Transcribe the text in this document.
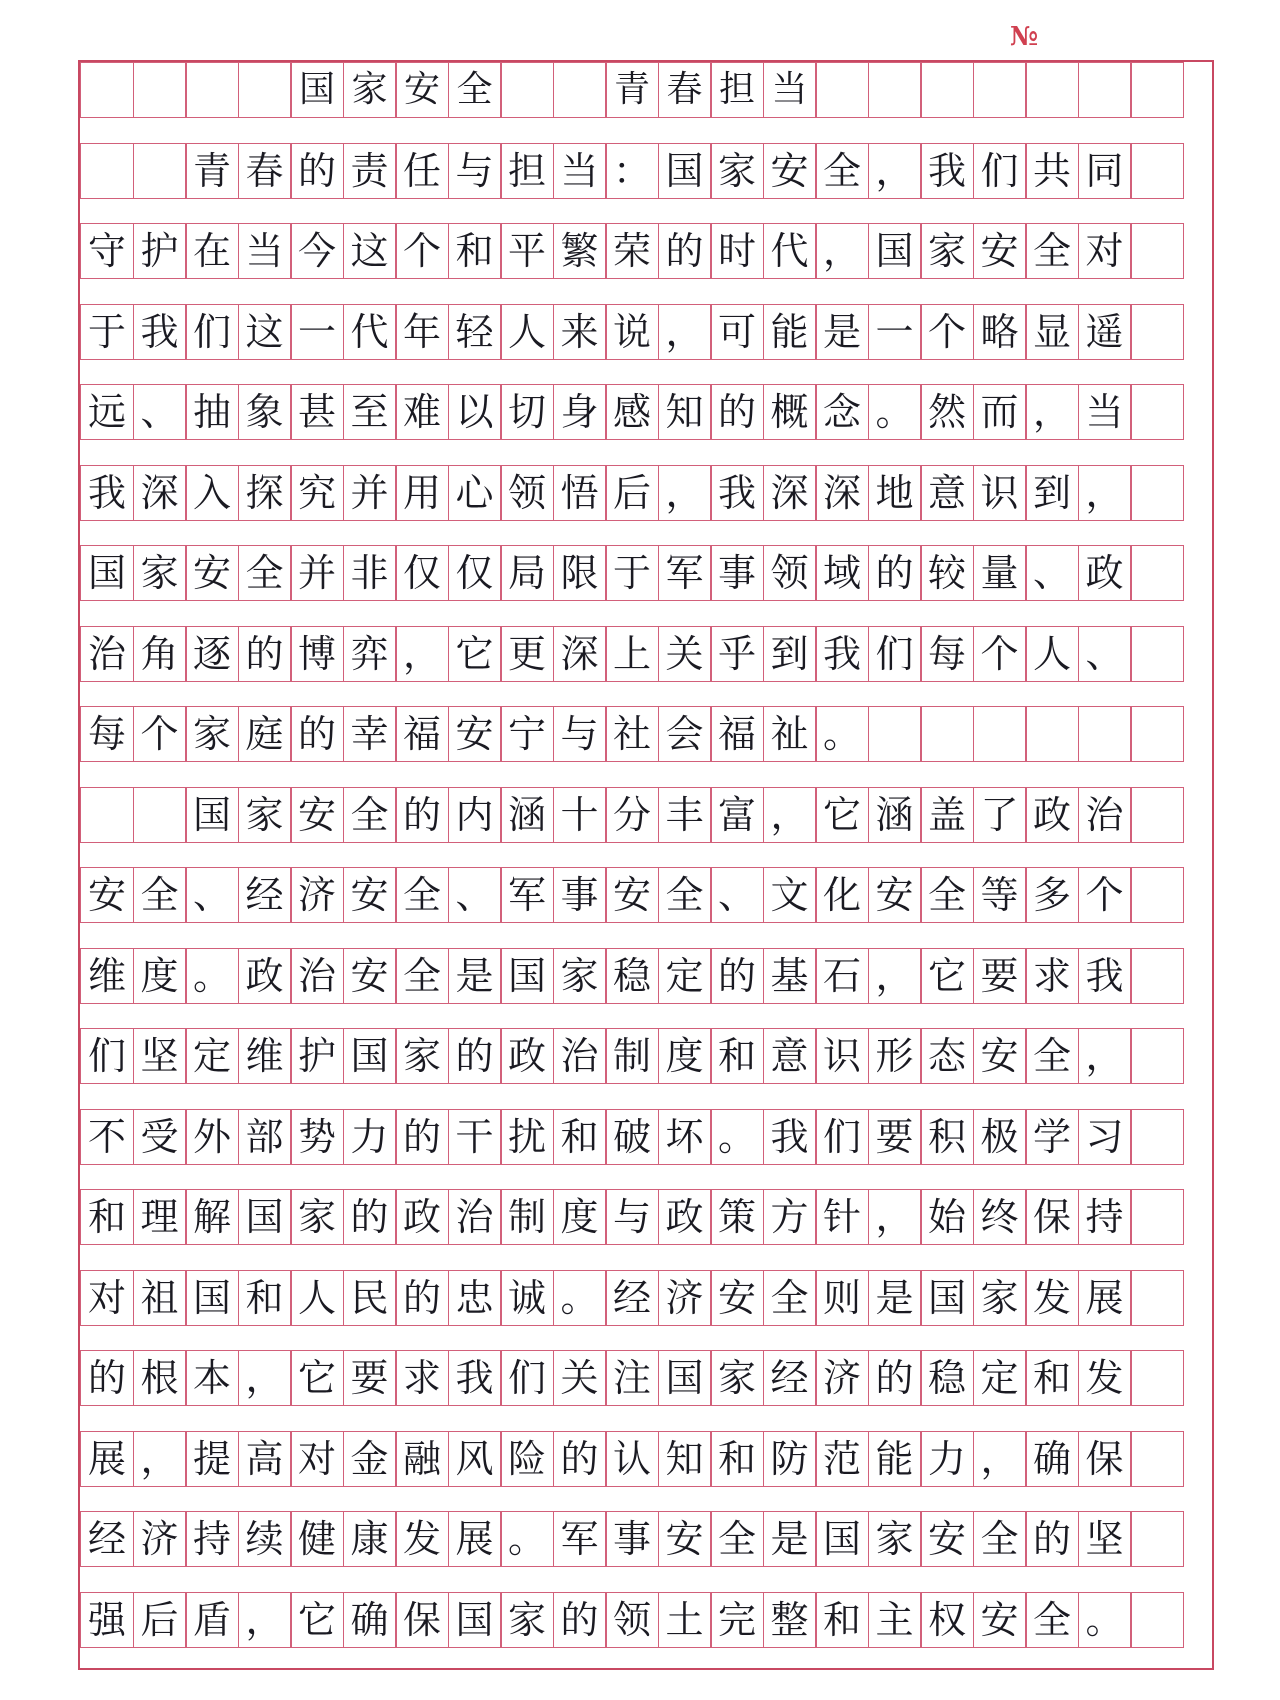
№
国 家 安 全	青 春 担 当
青 春 的 责 任 与 担 当 ： 国 家 安 全 ， 我 们 共 同
守 护 在 当 今 这 个 和 平 繁 荣 的 时 代 ， 国 家 安 全 对
于 我 们 这 一 代 年 轻 人 来 说 ， 可 能 是 一 个 略 显 遥
远 、 抽 象 甚 至 难 以 切 身 感 知 的 概 念 。 然 而 ， 当
我 深 入 探 究 并 用 心 领 悟 后 ， 我 深 深 地 意 识 到 ，
国 家 安 全 并 非 仅 仅 局 限 于 军 事 领 域 的 较 量 、 政
治 角 逐 的 博 弈 ， 它 更 深 上 关 乎 到 我 们 每 个 人 、
每 个 家 庭 的 幸 福 安 宁 与 社 会 福 祉 。
国 家 安 全 的 内 涵 十 分 丰 富 ， 它 涵 盖 了 政 治
安 全 、 经 济 安 全 、 军 事 安 全 、 文 化 安 全 等 多 个
维 度 。 政 治 安 全 是 国 家 稳 定 的 基 石 ， 它 要 求 我
们 坚 定 维 护 国 家 的 政 治 制 度 和 意 识 形 态 安 全 ，
不 受 外 部 势 力 的 干 扰 和 破 坏 。 我 们 要 积 极 学 习
和 理 解 国 家 的 政 治 制 度 与 政 策 方 针 ， 始 终 保 持
对 祖 国 和 人 民 的 忠 诚 。 经 济 安 全 则 是 国 家 发 展
的 根 本 ， 它 要 求 我 们 关 注 国 家 经 济 的 稳 定 和 发
展 ， 提 高 对 金 融 风 险 的 认 知 和 防 范 能 力 ， 确 保
经 济 持 续 健 康 发 展 。 军 事 安 全 是 国 家 安 全 的 坚
强 后 盾 ， 它 确 保 国 家 的 领 土 完 整 和 主 权 安 全 。
